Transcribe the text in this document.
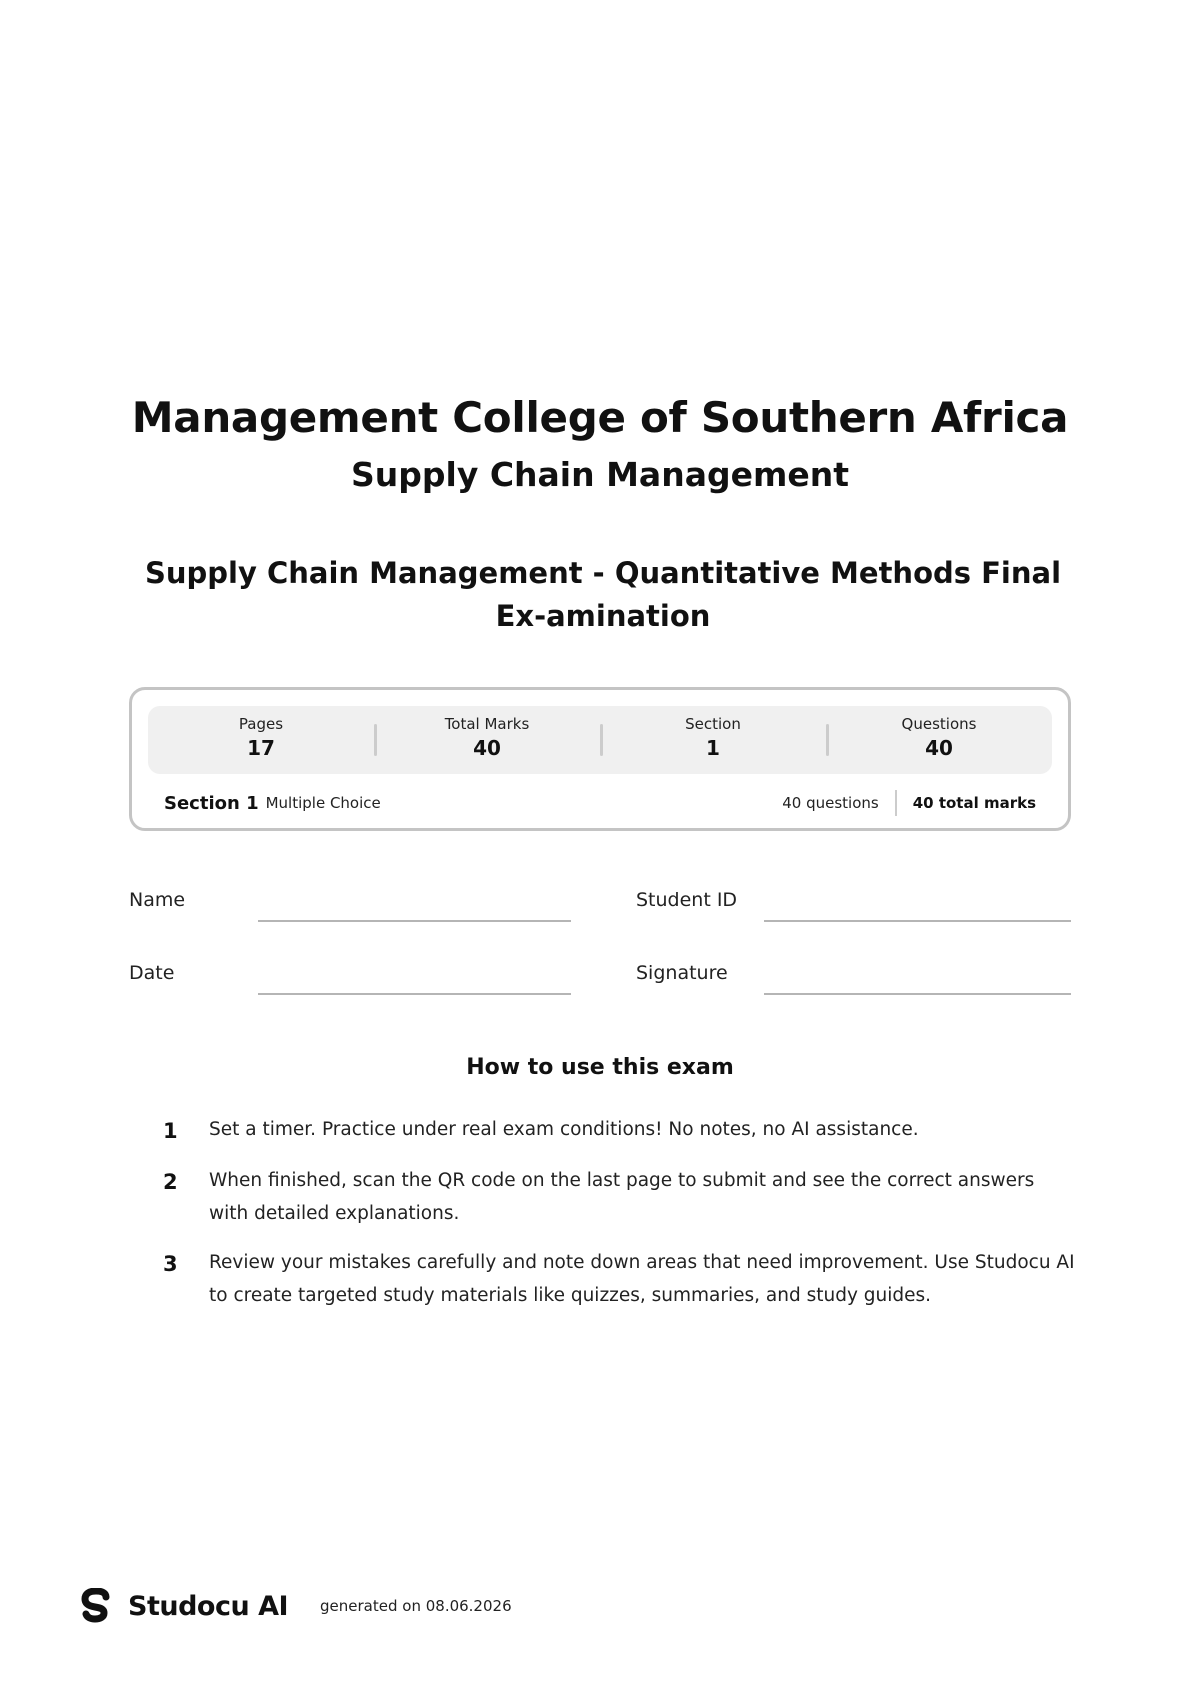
Management College of Southern Africa
Supply Chain Management
Supply Chain Management - Quantitative Methods Final Ex-amination
Pages
17
Total Marks
40
Section
1
Questions
40
Section 1 Multiple Choice	40 questions	40 total marks
Name	Student ID
Date	Signature
How to use this exam
1	Set a timer. Practice under real exam conditions! No notes, no AI assistance.
2	When finished, scan the QR code on the last page to submit and see the correct answers with detailed explanations.
3	Review your mistakes carefully and note down areas that need improvement. Use Studocu AI to create targeted study materials like quizzes, summaries, and study guides.
Studocu AI generated on 08.06.2026
